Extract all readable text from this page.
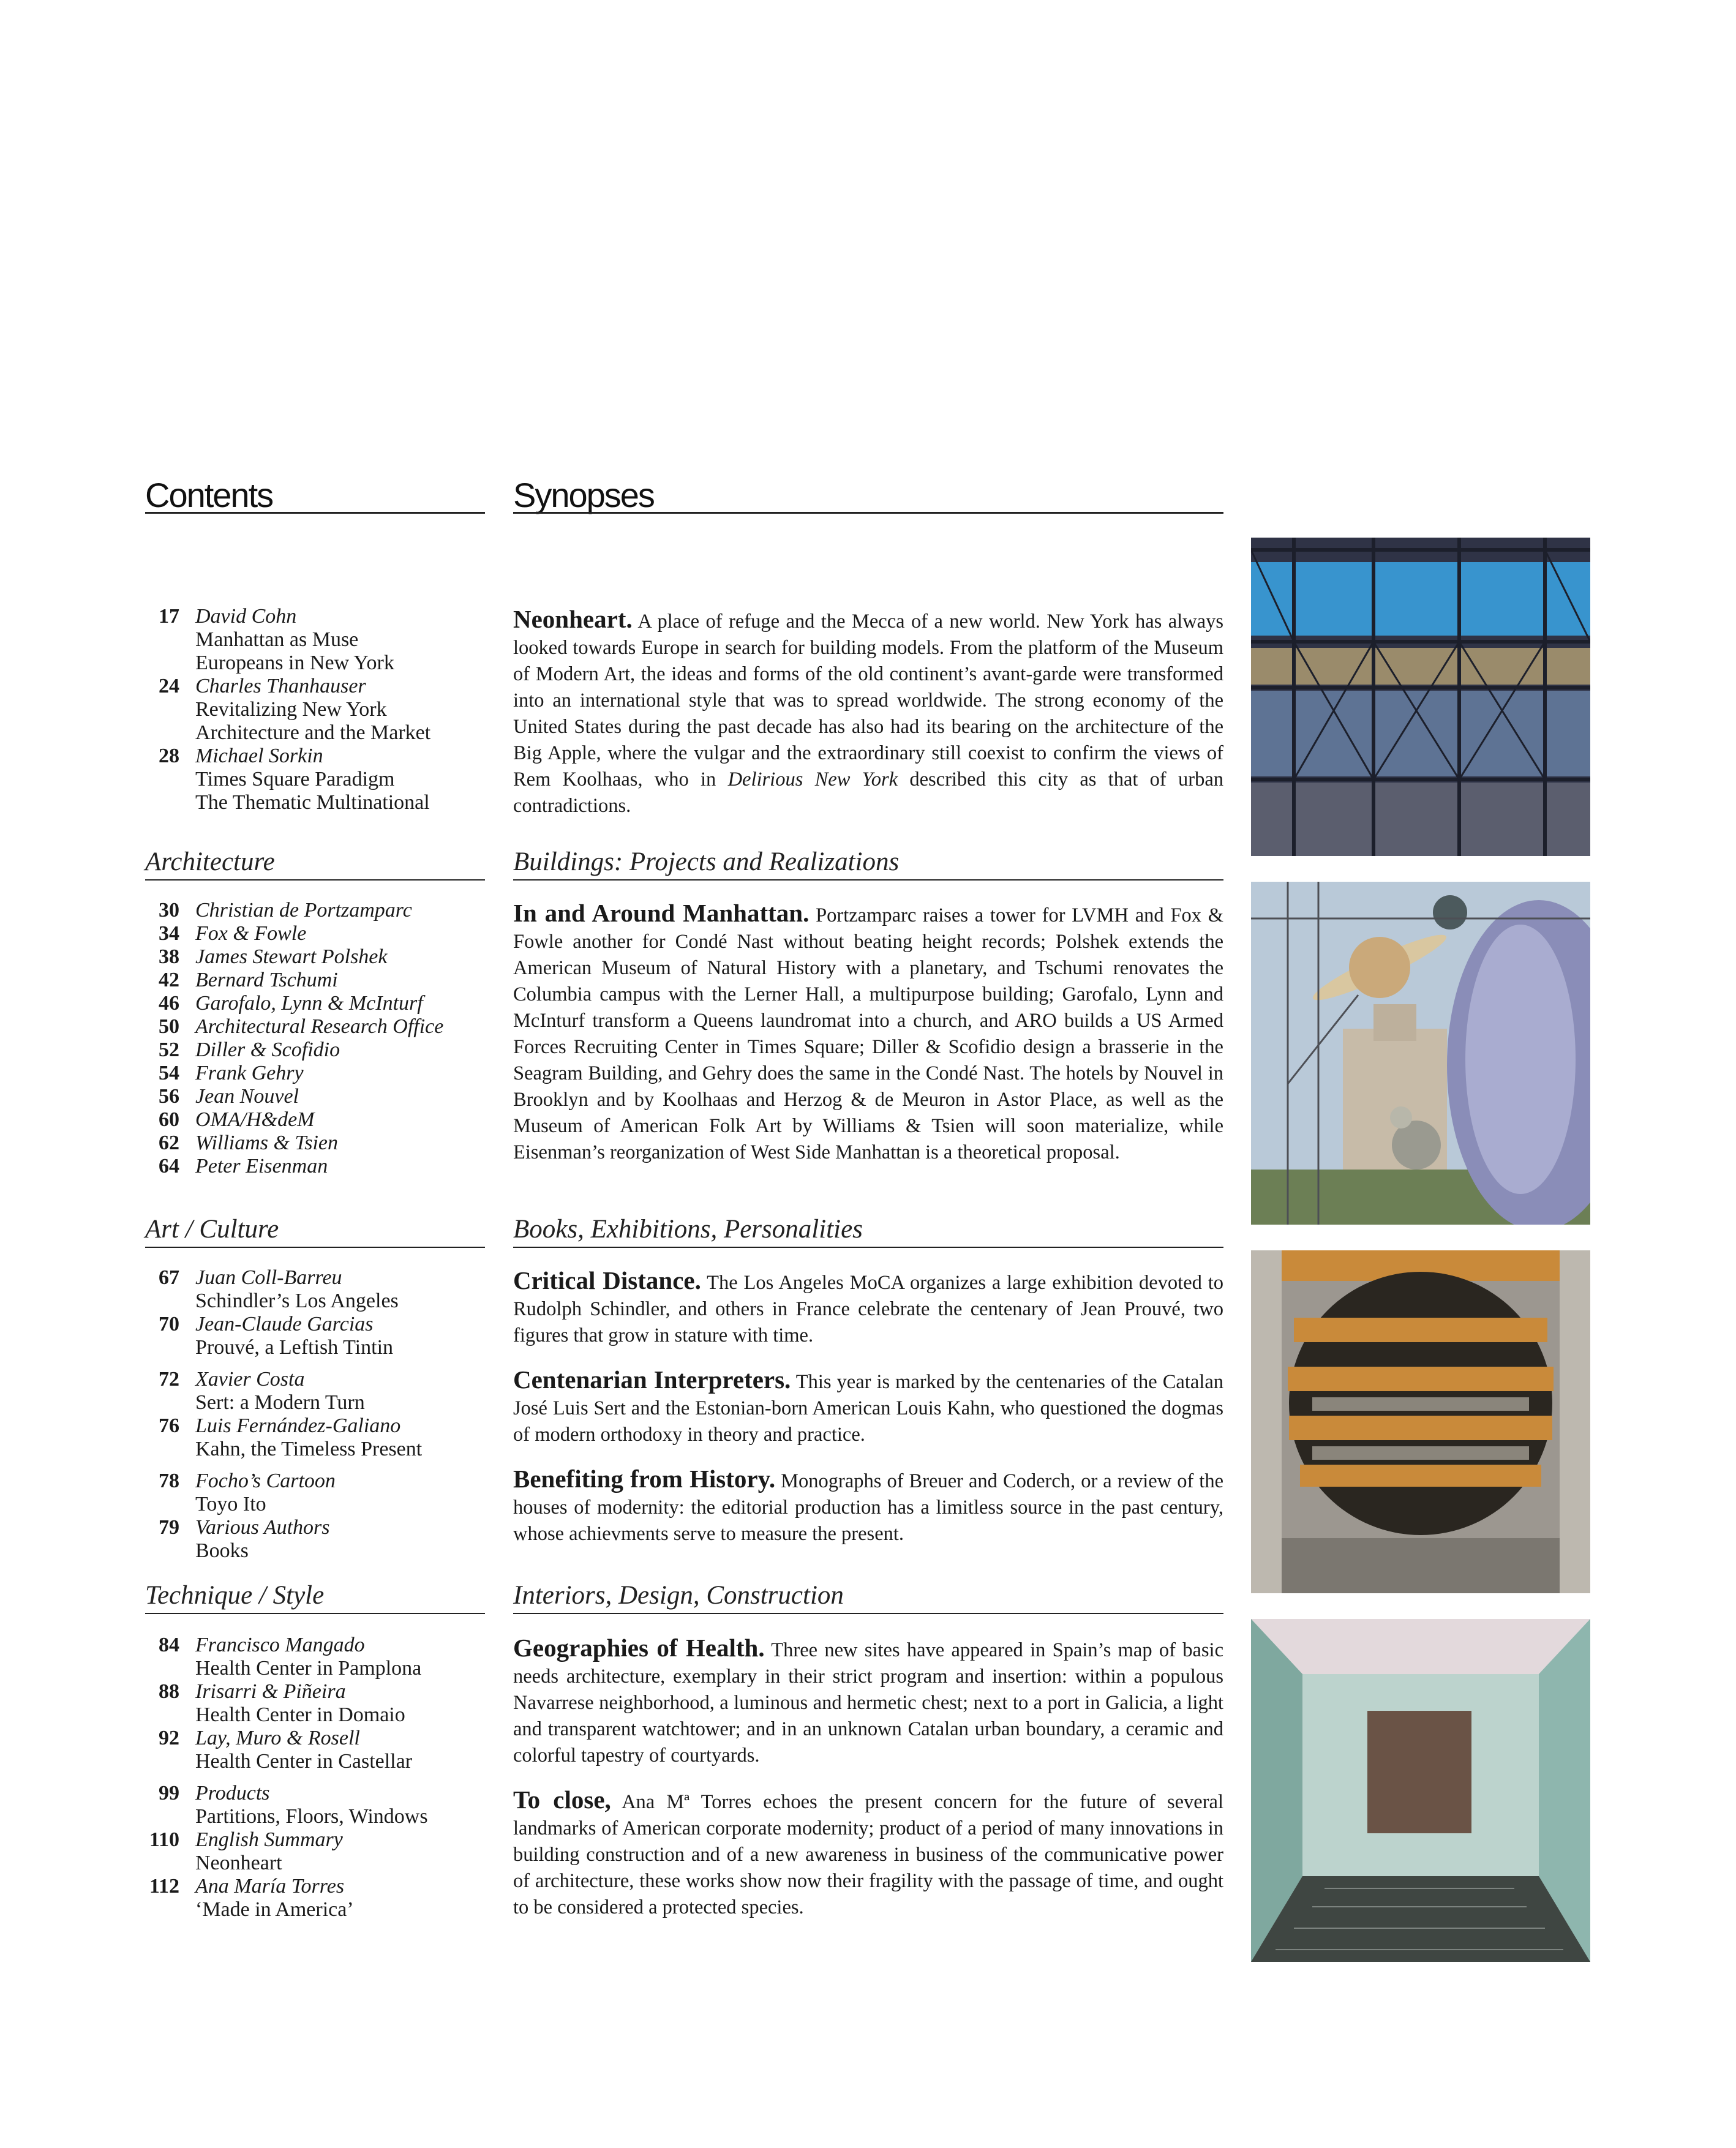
Contents	Synopses
17 David Cohn
Manhattan as Muse
Europeans in New York
24 Charles Thanhauser
Revitalizing New York
Architecture and the Market
28 Michael Sorkin
Times Square Paradigm
The Thematic Multinational
Architecture
30 Christian de Portzamparc
34 Fox & Fowle
38 James Stewart Polshek
42 Bernard Tschumi
46 Garofalo, Lynn & McInturf
50 Architectural Research Office
52 Diller & Scofidio
54 Frank Gehry
56 Jean Nouvel
60 OMA/H&deM
62 Williams & Tsien
64 Peter Eisenman
Art / Culture
67 Juan Coll-Barreu
Schindler’s Los Angeles
70 Jean-Claude Garcias
Prouvé, a Leftish Tintin
72 Xavier Costa
Sert: a Modern Turn
76 Luis Fernández-Galiano
Kahn, the Timeless Present
78 Focho’s Cartoon
Toyo Ito
79 Various Authors
Books
Technique / Style
84 Francisco Mangado
Health Center in Pamplona
88 Irisarri & Piñeira
Health Center in Domaio
92 Lay, Muro & Rosell
Health Center in Castellar
99 Products
Partitions, Floors, Windows
110 English Summary
Neonheart
112 Ana María Torres
‘Made in America’

Neonheart. A place of refuge and the Mecca of a new world. New York has always looked towards Europe in search for building models. From the platform of the Museum of Modern Art, the ideas and forms of the old continent’s avant-garde were transformed into an international style that was to spread worldwide. The strong economy of the United States during the past decade has also had its bearing on the architecture of the Big Apple, where the vulgar and the extraordinary still coexist to confirm the views of Rem Koolhaas, who in Delirious New York described this city as that of urban contradictions.

Buildings: Projects and Realizations

In and Around Manhattan. Portzamparc raises a tower for LVMH and Fox & Fowle another for Condé Nast without beating height records; Polshek extends the American Museum of Natural History with a planetary, and Tschumi renovates the Columbia campus with the Lerner Hall, a multipurpose building; Garofalo, Lynn and McInturf transform a Queens laundromat into a church, and ARO builds a US Armed Forces Recruiting Center in Times Square; Diller & Scofidio design a brasserie in the Seagram Building, and Gehry does the same in the Condé Nast. The hotels by Nouvel in Brooklyn and by Koolhaas and Herzog & de Meuron in Astor Place, as well as the Museum of American Folk Art by Williams & Tsien will soon materialize, while Eisenman’s reorganization of West Side Manhattan is a theoretical proposal.

Books, Exhibitions, Personalities

Critical Distance. The Los Angeles MoCA organizes a large exhibition devoted to Rudolph Schindler, and others in France celebrate the centenary of Jean Prouvé, two figures that grow in stature with time.

Centenarian Interpreters. This year is marked by the centenaries of the Catalan José Luis Sert and the Estonian-born American Louis Kahn, who questioned the dogmas of modern orthodoxy in theory and practice.

Benefiting from History. Monographs of Breuer and Coderch, or a review of the houses of modernity: the editorial production has a limitless source in the past century, whose achievments serve to measure the present.

Interiors, Design, Construction

Geographies of Health. Three new sites have appeared in Spain’s map of basic needs architecture, exemplary in their strict program and insertion: within a populous Navarrese neighborhood, a luminous and hermetic chest; next to a port in Galicia, a light and transparent watchtower; and in an unknown Catalan urban boundary, a ceramic and colorful tapestry of courtyards.

To close, Ana Mª Torres echoes the present concern for the future of several landmarks of American corporate modernity; product of a period of many innovations in building construction and of a new awareness in business of the communicative power of architecture, these works show now their fragility with the passage of time, and ought to be considered a protected species.
